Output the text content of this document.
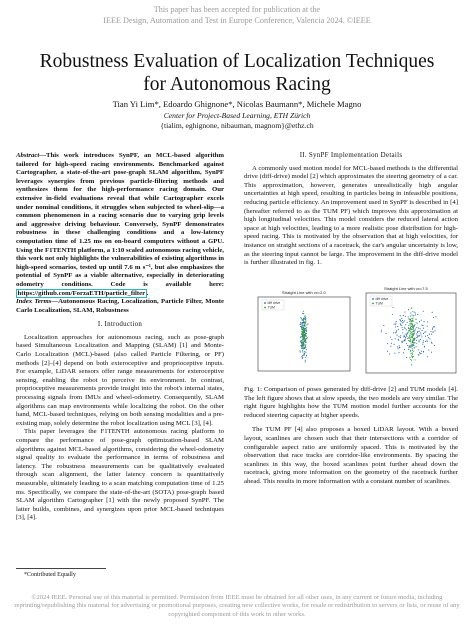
This paper has been accepted for publication at the
IEEE Design, Automation and Test in Europe Conference, Valencia 2024. ©IEEE
Robustness Evaluation of Localization Techniques
for Autonomous Racing
Tian Yi Lim*, Edoardo Ghignone*, Nicolas Baumann*, Michele Magno
Center for Project-Based Learning, ETH Zürich
{tialim, eghignone, nibauman, magnom}@ethz.ch

Abstract—This work introduces SynPF, an MCL-based algorithm tailored for high-speed racing environments. Benchmarked against Cartographer, a state-of-the-art pose-graph SLAM algorithm, SynPF leverages synergies from previous particle-filtering methods and synthesizes them for the high-performance racing domain. Our extensive in-field evaluations reveal that while Cartographer excels under nominal conditions, it struggles when subjected to wheel-slip—a common phenomenon in a racing scenario due to varying grip levels and aggressive driving behaviour. Conversely, SynPF demonstrates robustness in these challenging conditions and a low-latency computation time of 1.25 ms on on-board computers without a GPU. Using the F1TENTH platform, a 1:10 scaled autonomous racing vehicle, this work not only highlights the vulnerabilities of existing algorithms in high-speed scenarios, tested up until 7.6 m s⁻¹, but also emphasizes the potential of SynPF as a viable alternative, especially in deteriorating odometry conditions. Code is available here: https://github.com/ForzaETH/particle_filter .

Index Terms—Autonomous Racing, Localization, Particle Filter, Monte Carlo Localization, SLAM, Robustness

I. Introduction

Localization approaches for autonomous racing, such as pose-graph based Simultaneous Localization and Mapping (SLAM) [1] and Monte-Carlo Localization (MCL)-based (also called Particle Filtering, or PF) methods [2]–[4] depend on both exteroceptive and proprioceptive inputs. For example, LiDAR sensors offer range measurements for exteroceptive sensing, enabling the robot to perceive its environment. In contrast, proprioceptive measurements provide insight into the robot's internal states, processing signals from IMUs and wheel-odometry. Consequently, SLAM algorithms can map environments while localizing the robot. On the other hand, MCL-based techniques, relying on both sensing modalities and a pre-existing map, solely determine the robot localization using MCL [3], [4].

This paper leverages the F1TENTH autonomous racing platform to compare the performance of pose-graph optimization-based SLAM algorithms against MCL-based algorithms, considering the wheel-odometry signal quality to evaluate the performance in terms of robustness and latency. The robustness measurements can be qualitatively evaluated through scan alignment, the latter latency concern is quantitatively measurable, ultimately leading to a scan matching computation time of 1.25 ms. Specifically, we compare the state-of-the-art (SOTA) pose-graph based SLAM algorithm Cartographer [1] with the newly proposed SynPF. The latter builds, combines, and synergizes upon prior MCL-based techniques [3], [4].

*Contributed Equally
II. SynPF Implementation Details

A commonly used motion model for MCL-based methods is the differential drive (diff-drive) model [2] which approximates the steering geometry of a car. This approximation, however, generates unrealistically high angular uncertainties at high speed, resulting in particles being in infeasible positions, reducing particle efficiency. An improvement used in SynPF is described in [4] (hereafter referred to as the TUM PF) which improves this approximation at high longitudinal velocities. This model considers the reduced lateral action space at high velocities, leading to a more realistic pose distribution for high-speed racing. This is motivated by the observation that at high velocities, for instance on straight sections of a racetrack, the car's angular uncertainty is low, as the steering input cannot be large. The improvement in the diff-drive model is further illustrated in fig. 1.

Straight Line with vx=2.0
diff drive
TUM
Straight Line with vx=7.5
diff drive
TUM

Fig. 1: Comparison of poses generated by diff-drive [2] and TUM models [4]. The left figure shows that at slow speeds, the two models are very similar. The right figure highlights how the TUM motion model further accounts for the reduced steering capacity at higher speeds.

The TUM PF [4] also proposes a boxed LiDAR layout. With a boxed layout, scanlines are chosen such that their intersections with a corridor of configurable aspect ratio are uniformly spaced. This is motivated by the observation that race tracks are corridor-like environments. By spacing the scanlines in this way, the boxed scanlines point further ahead down the racetrack, giving more information on the geometry of the racetrack further ahead. This results in more information with a constant number of scanlines.

©2024 IEEE. Personal use of this material is permitted. Permission from IEEE must be obtained for all other uses, in any current or future media, including reprinting/republishing this material for advertising or promotional purposes, creating new collective works, for resale or redistribution to servers or lists, or reuse of any copyrighted component of this work in other works.
